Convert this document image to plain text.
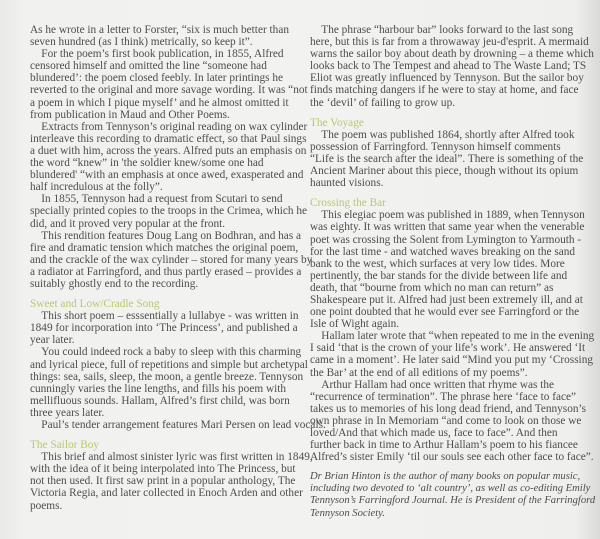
As he wrote in a letter to Forster, “six is much better than
seven hundred (as I think) metrically, so keep it”.
 For the poem’s first book publication, in 1855, Alfred
censored himself and omitted the line “someone had
blundered’: the poem closed feebly. In later printings he
reverted to the original and more savage wording. It was “not
a poem in which I pique myself’ and he almost omitted it
from publication in Maud and Other Poems.
 Extracts from Tennyson’s original reading on wax cylinder
interleave this recording to dramatic effect, so that Paul sings
a duet with him, across the years. Alfred puts an emphasis on
the word “knew” in 'the soldier knew/some one had
blundered' “with an emphasis at once awed, exasperated and
half incredulous at the folly”.
 In 1855, Tennyson had a request from Scutari to send
specially printed copies to the troops in the Crimea, which he
did, and it proved very popular at the front.
 This rendition features Doug Lang on Bodhran, and has a
fire and dramatic tension which matches the original poem,
and the crackle of the wax cylinder – stored for many years by
a radiator at Farringford, and thus partly erased – provides a
suitably ghostly end to the recording.
Sweet and Low/Cradle Song
 This short poem – esssentially a lullabye - was written in
1849 for incorporation into ‘The Princess’, and published a
year later.
 You could indeed rock a baby to sleep with this charming
and lyrical piece, full of repetitions and simple but archetypal
things: sea, sails, sleep, the moon, a gentle breeze. Tennyson
cunningly varies the line lengths, and fills his poem with
mellifluous sounds. Hallam, Alfred’s first child, was born
three years later.
 Paul’s tender arrangement features Mari Persen on lead vocals.
The Sailor Boy
 This brief and almost sinister lyric was first written in 1849,
with the idea of it being interpolated into The Princess, but
not then used. It first saw print in a popular anthology, The
Victoria Regia, and later collected in Enoch Arden and other
poems.
 The phrase “harbour bar” looks forward to the last song
here, but this is far from a throwaway jeu-d'esprit. A mermaid
warns the sailor boy about death by drowning – a theme which
looks back to The Tempest and ahead to The Waste Land; TS
Eliot was greatly influenced by Tennyson. But the sailor boy
finds matching dangers if he were to stay at home, and face
the ‘devil’ of failing to grow up.
The Voyage
 The poem was published 1864, shortly after Alfred took
possession of Farringford. Tennyson himself comments
“Life is the search after the ideal”. There is something of the
Ancient Mariner about this piece, though without its opium
haunted visions.
Crossing the Bar
 This elegiac poem was published in 1889, when Tennyson
was eighty. It was written that same year when the venerable
poet was crossing the Solent from Lymington to Yarmouth -
for the last time - and watched waves breaking on the sand
bank to the west, which surfaces at very low tides. More
pertinently, the bar stands for the divide between life and
death, that “bourne from which no man can return” as
Shakespeare put it. Alfred had just been extremely ill, and at
one point doubted that he would ever see Farringford or the
Isle of Wight again.
 Hallam later wrote that “when repeated to me in the evening
I said ‘that is the crown of your life’s work’. He answered ‘It
came in a moment’. He later said “Mind you put my ‘Crossing
the Bar’ at the end of all editions of my poems”.
 Arthur Hallam had once written that rhyme was the
“recurrence of termination”. The phrase here ‘face to face”
takes us to memories of his long dead friend, and Tennyson’s
own phrase in In Memoriam “and come to look on those we
loved/And that which made us, face to face”. And then
further back in time to Arthur Hallam’s poem to his fiancee
Alfred’s sister Emily ‘til our souls see each other face to face”.
Dr Brian Hinton is the author of many books on popular music,
including two devoted to ‘alt country’, as well as co-editing Emily
Tennyson’s Farringford Journal. He is President of the Farringford
Tennyson Society.
